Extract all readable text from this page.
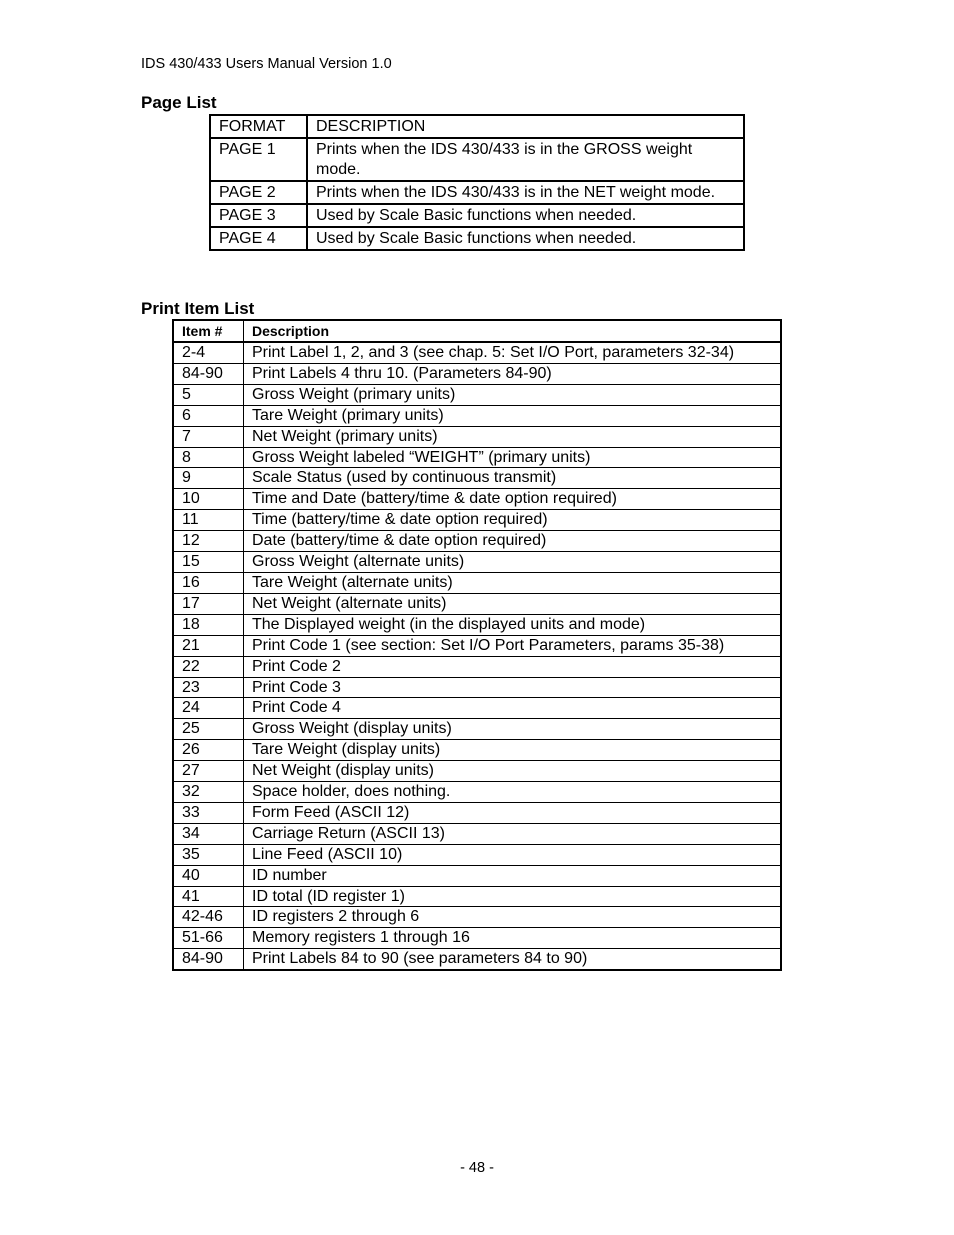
IDS 430/433 Users Manual Version 1.0
Page List
FORMAT	DESCRIPTION
PAGE 1	Prints when the IDS 430/433 is in the GROSS weight mode.
PAGE 2	Prints when the IDS 430/433 is in the NET weight mode.
PAGE 3	Used by Scale Basic functions when needed.
PAGE 4	Used by Scale Basic functions when needed.
Print Item List
Item #	Description
2-4	Print Label 1, 2, and 3 (see chap. 5: Set I/O Port, parameters 32-34)
84-90	Print Labels 4 thru 10. (Parameters 84-90)
5	Gross Weight (primary units)
6	Tare Weight (primary units)
7	Net Weight (primary units)
8	Gross Weight labeled “WEIGHT” (primary units)
9	Scale Status (used by continuous transmit)
10	Time and Date (battery/time & date option required)
11	Time (battery/time & date option required)
12	Date (battery/time & date option required)
15	Gross Weight (alternate units)
16	Tare Weight (alternate units)
17	Net Weight (alternate units)
18	The Displayed weight (in the displayed units and mode)
21	Print Code 1 (see section: Set I/O Port Parameters, params 35-38)
22	Print Code 2
23	Print Code 3
24	Print Code 4
25	Gross Weight (display units)
26	Tare Weight (display units)
27	Net Weight (display units)
32	Space holder, does nothing.
33	Form Feed (ASCII 12)
34	Carriage Return (ASCII 13)
35	Line Feed (ASCII 10)
40	ID number
41	ID total (ID register 1)
42-46	ID registers 2 through 6
51-66	Memory registers 1 through 16
84-90	Print Labels 84 to 90 (see parameters 84 to 90)
- 48 -
